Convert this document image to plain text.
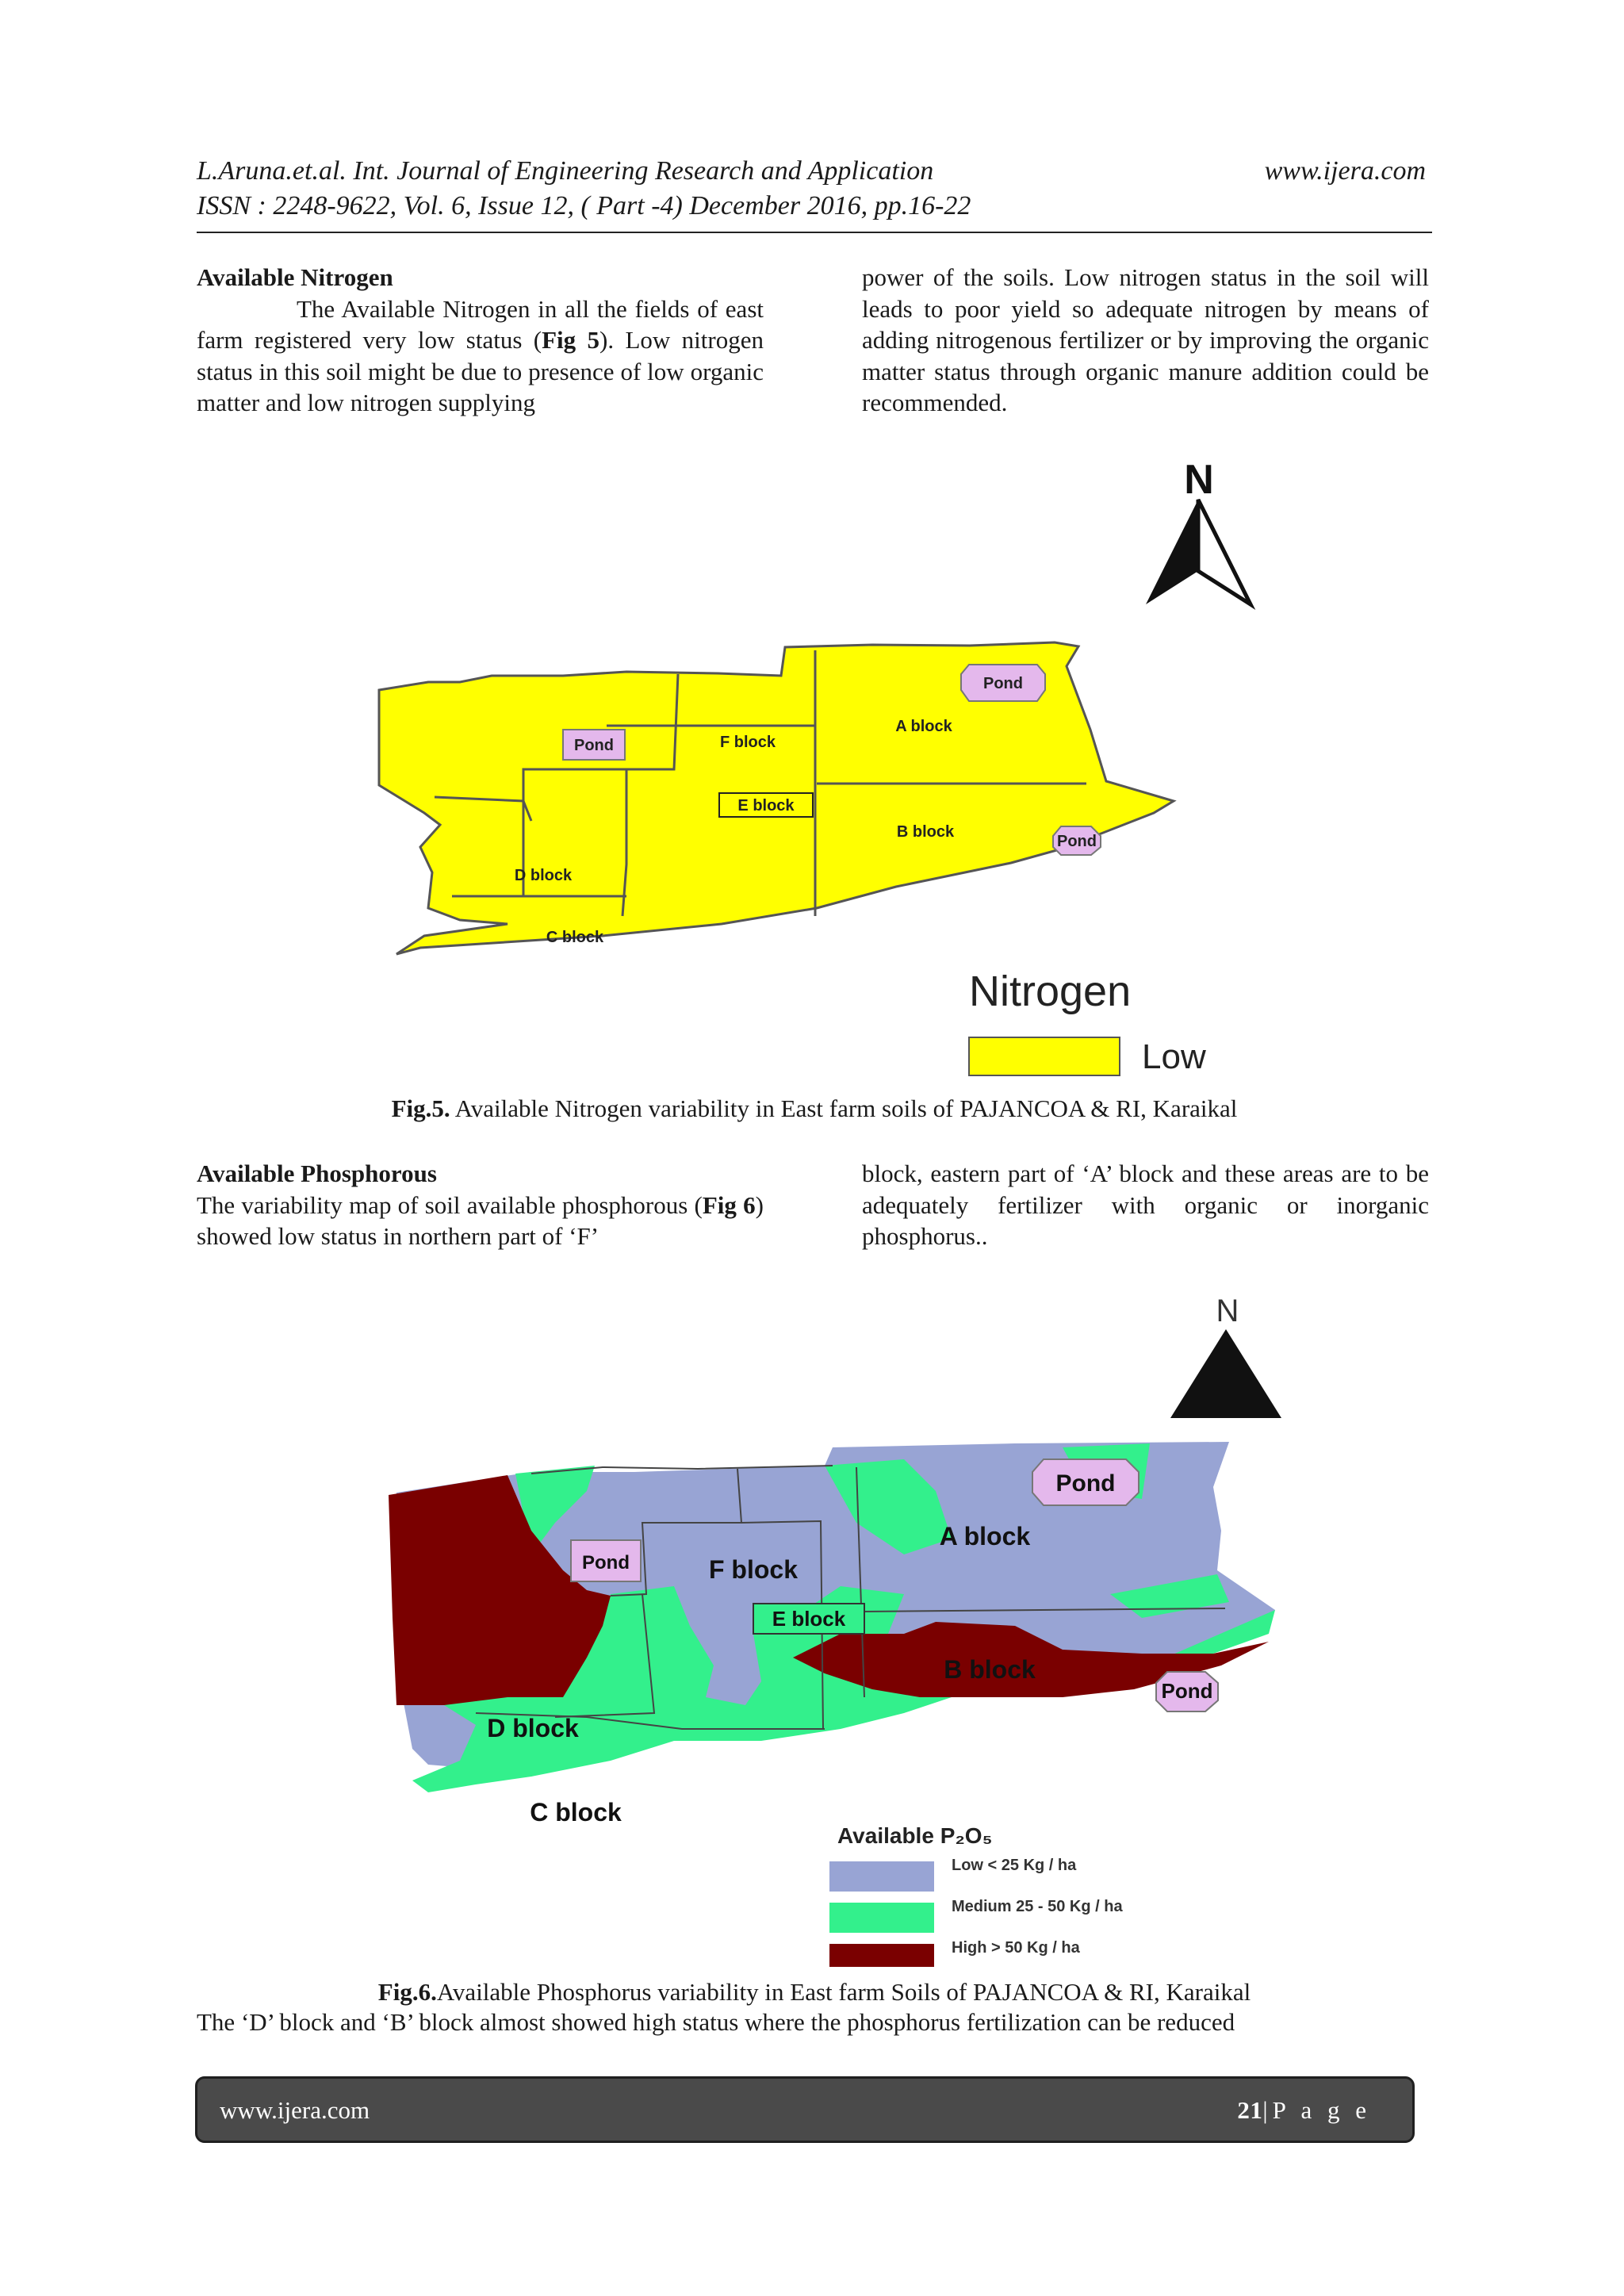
L.Aruna.et.al. Int. Journal of Engineering Research and Application	www.ijera.com
ISSN : 2248-9622, Vol. 6, Issue 12, ( Part -4) December 2016, pp.16-22
Available Nitrogen

The Available Nitrogen in all the fields of east farm registered very low status (Fig 5). Low nitrogen status in this soil might be due to presence of low organic matter and low nitrogen supplying

power of the soils. Low nitrogen status in the soil will leads to poor yield so adequate nitrogen by means of adding nitrogenous fertilizer or by improving the organic matter status through organic manure addition could be recommended.

N
E block
Pond
Pond
Pond
A block
F block
B block
D block
C block
Nitrogen
Low
Fig.5. Available Nitrogen variability in East farm soils of PAJANCOA & RI, Karaikal
Available Phosphorous

The variability map of soil available phosphorous (Fig 6) showed low status in northern part of ‘F’

block, eastern part of ‘A’ block and these areas are to be adequately fertilizer with organic or inorganic phosphorus..

N
E block
Pond
Pond
Pond
A block
F block
B block
D block
C block
Available P₂O₅
Low < 25 Kg / ha
Medium 25 - 50 Kg / ha
High > 50 Kg / ha
Fig.6.Available Phosphorus variability in East farm Soils of PAJANCOA & RI, Karaikal
The ‘D’ block and ‘B’ block almost showed high status where the phosphorus fertilization can be reduced
www.ijera.com	21|P a g e
